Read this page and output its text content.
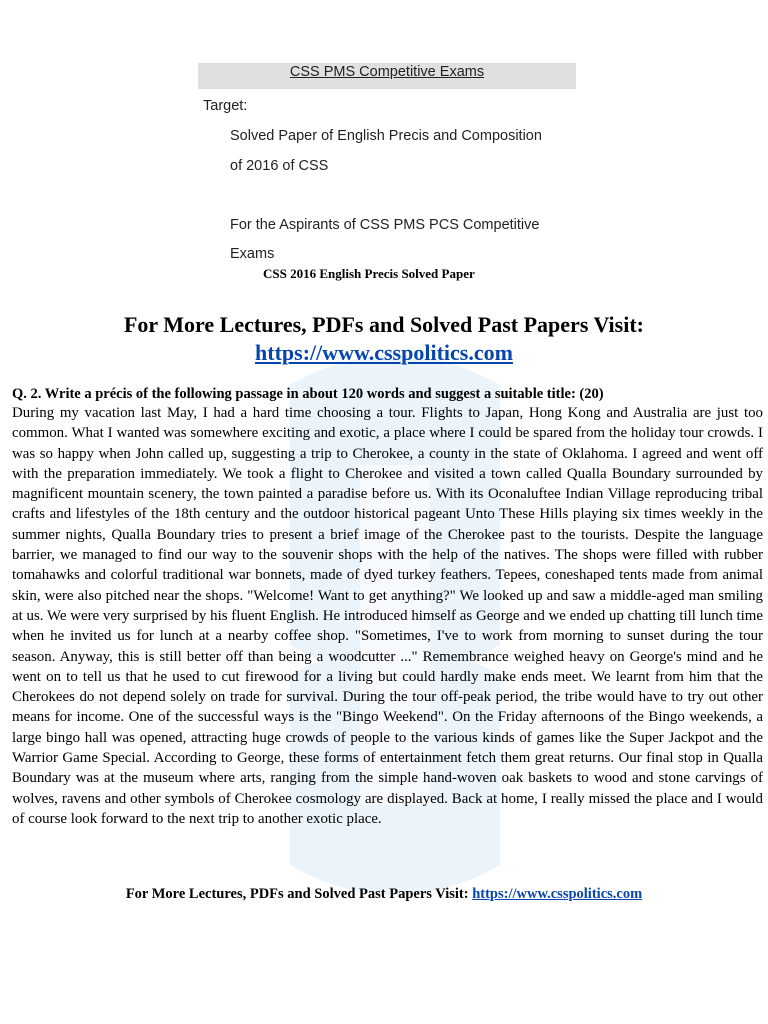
CSS PMS Competitive Exams
Target:
Solved Paper of English Precis and Composition
of 2016 of CSS
For the Aspirants of CSS PMS PCS Competitive
Exams
CSS 2016 English Precis Solved Paper
For More Lectures, PDFs and Solved Past Papers Visit:
https://www.csspolitics.com
Q. 2. Write a précis of the following passage in about 120 words and suggest a suitable title: (20)

During my vacation last May, I had a hard time choosing a tour. Flights to Japan, Hong Kong and Australia are just too common. What I wanted was somewhere exciting and exotic, a place where I could be spared from the holiday tour crowds. I was so happy when John called up, suggesting a trip to Cherokee, a county in the state of Oklahoma. I agreed and went off with the preparation immediately. We took a flight to Cherokee and visited a town called Qualla Boundary surrounded by magnificent mountain scenery, the town painted a paradise before us. With its Oconaluftee Indian Village reproducing tribal crafts and lifestyles of the 18th century and the outdoor historical pageant Unto These Hills playing six times weekly in the summer nights, Qualla Boundary tries to present a brief image of the Cherokee past to the tourists. Despite the language barrier, we managed to find our way to the souvenir shops with the help of the natives. The shops were filled with rubber tomahawks and colorful traditional war bonnets, made of dyed turkey feathers. Tepees, coneshaped tents made from animal skin, were also pitched near the shops. "Welcome! Want to get anything?" We looked up and saw a middle-aged man smiling at us. We were very surprised by his fluent English. He introduced himself as George and we ended up chatting till lunch time when he invited us for lunch at a nearby coffee shop. "Sometimes, I've to work from morning to sunset during the tour season. Anyway, this is still better off than being a woodcutter ..." Remembrance weighed heavy on George's mind and he went on to tell us that he used to cut firewood for a living but could hardly make ends meet. We learnt from him that the Cherokees do not depend solely on trade for survival. During the tour off-peak period, the tribe would have to try out other means for income. One of the successful ways is the "Bingo Weekend". On the Friday afternoons of the Bingo weekends, a large bingo hall was opened, attracting huge crowds of people to the various kinds of games like the Super Jackpot and the Warrior Game Special. According to George, these forms of entertainment fetch them great returns. Our final stop in Qualla Boundary was at the museum where arts, ranging from the simple hand-woven oak baskets to wood and stone carvings of wolves, ravens and other symbols of Cherokee cosmology are displayed. Back at home, I really missed the place and I would of course look forward to the next trip to another exotic place.

For More Lectures, PDFs and Solved Past Papers Visit: https://www.csspolitics.com
